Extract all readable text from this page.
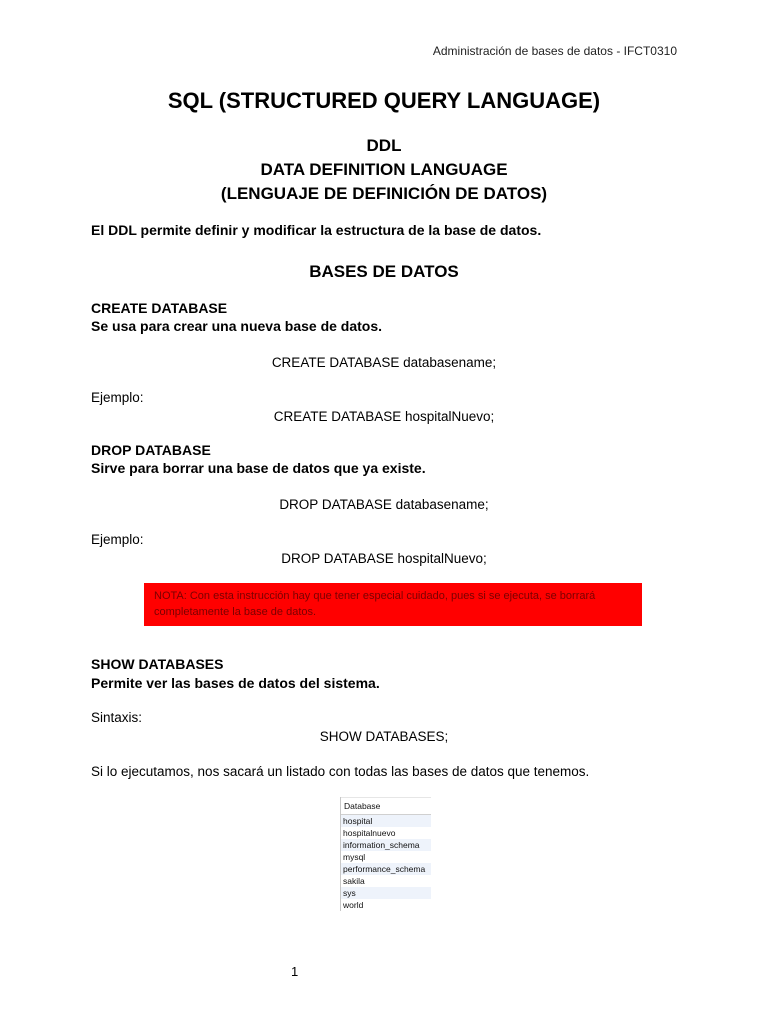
Administración de bases de datos - IFCT0310
SQL (STRUCTURED QUERY LANGUAGE)
DDL
DATA DEFINITION LANGUAGE
(LENGUAJE DE DEFINICIÓN DE DATOS)
El DDL permite definir y modificar la estructura de la base de datos.
BASES DE DATOS
CREATE DATABASE
Se usa para crear una nueva base de datos.
CREATE DATABASE databasename;
Ejemplo:
CREATE DATABASE hospitalNuevo;
DROP DATABASE
Sirve para borrar una base de datos que ya existe.
DROP DATABASE databasename;
Ejemplo:
DROP DATABASE hospitalNuevo;
NOTA: Con esta instrucción hay que tener especial cuidado, pues si se ejecuta, se borrará
completamente la base de datos.
SHOW DATABASES
Permite ver las bases de datos del sistema.
Sintaxis:
SHOW DATABASES;
Si lo ejecutamos, nos sacará un listado con todas las bases de datos que tenemos.
Database
hospital
hospitalnuevo
information_schema
mysql
performance_schema
sakila
sys
world
1
